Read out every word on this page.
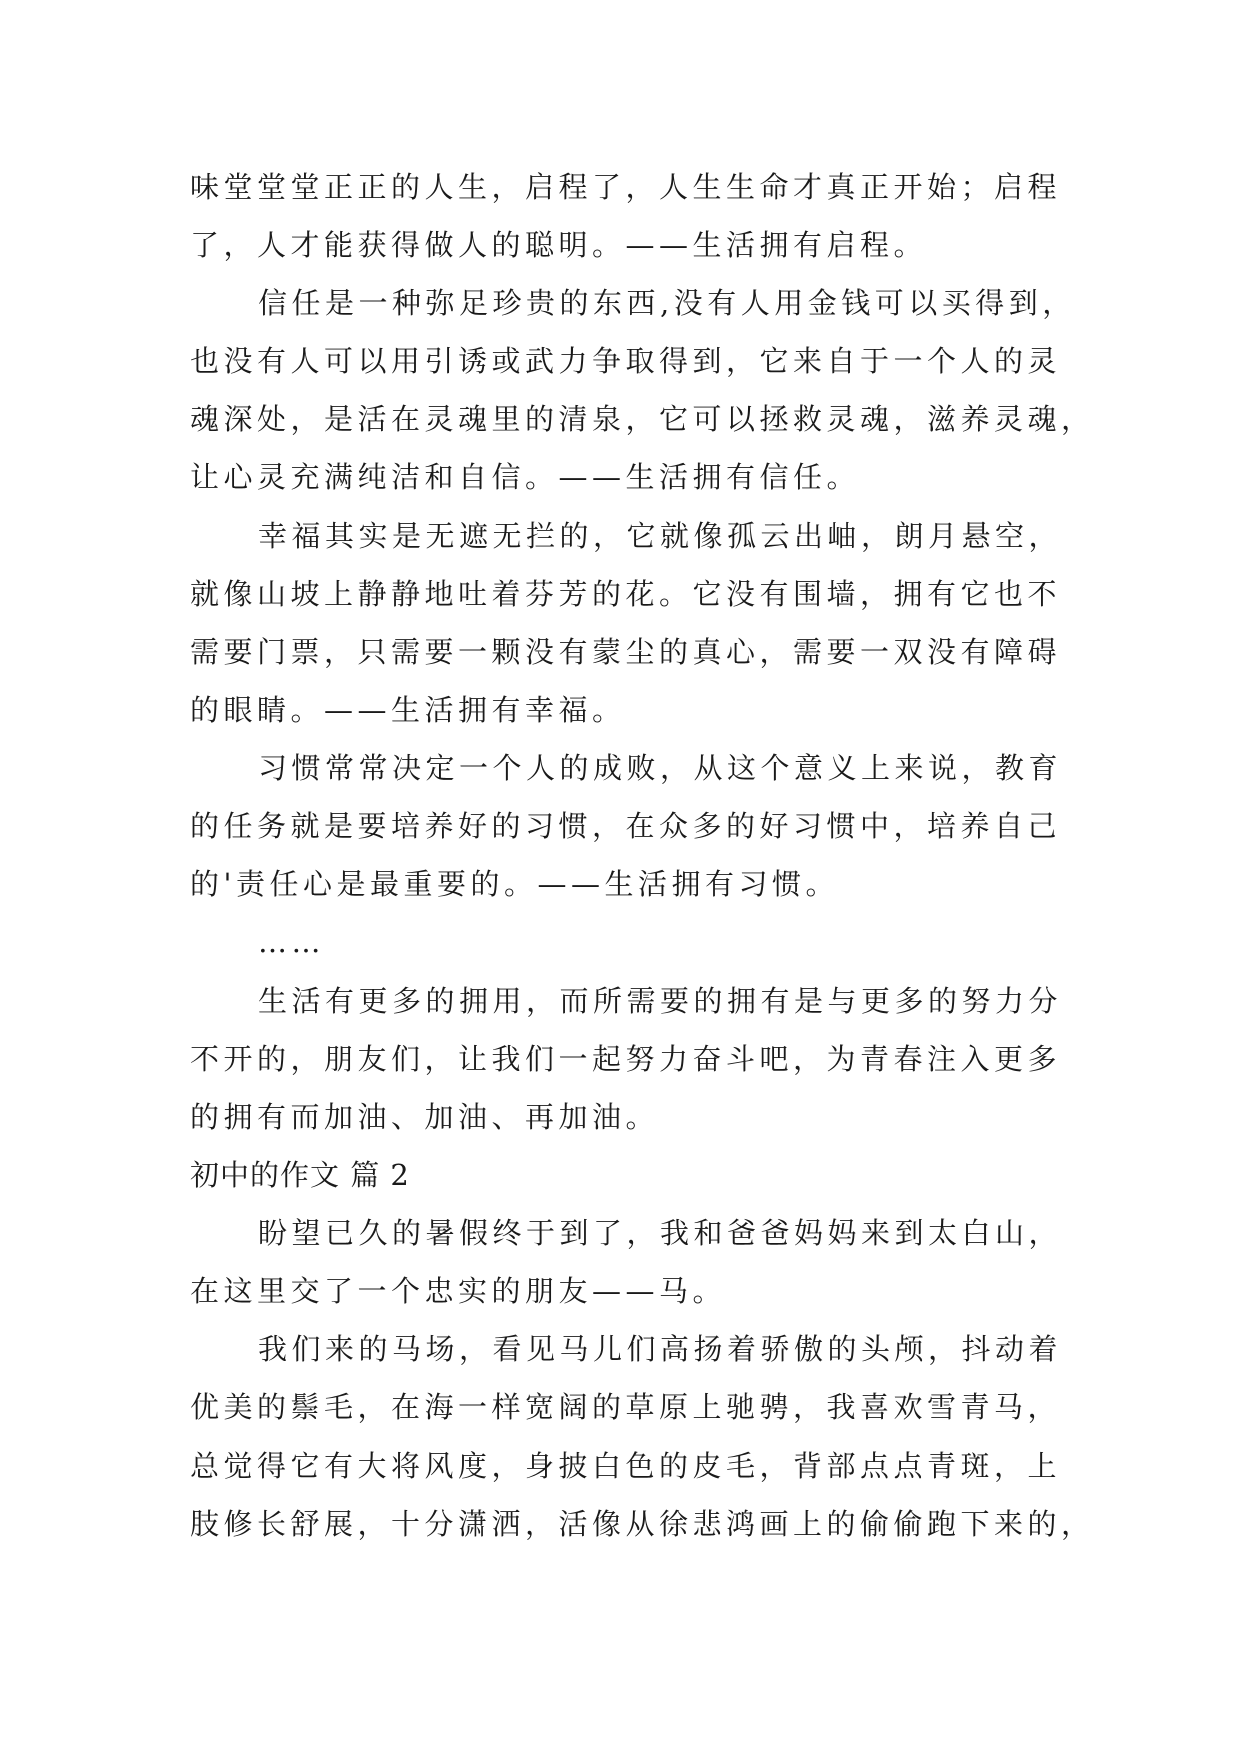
味堂堂堂正正的人生，启程了，人生生命才真正开始；启程
了，人才能获得做人的聪明。——生活拥有启程。
信任是一种弥足珍贵的东西,没有人用金钱可以买得到，
也没有人可以用引诱或武力争取得到，它来自于一个人的灵
魂深处，是活在灵魂里的清泉，它可以拯救灵魂，滋养灵魂，
让心灵充满纯洁和自信。——生活拥有信任。
幸福其实是无遮无拦的，它就像孤云出岫，朗月悬空，
就像山坡上静静地吐着芬芳的花。它没有围墙，拥有它也不
需要门票，只需要一颗没有蒙尘的真心，需要一双没有障碍
的眼睛。——生活拥有幸福。
习惯常常决定一个人的成败，从这个意义上来说，教育
的任务就是要培养好的习惯，在众多的好习惯中，培养自己
的'责任心是最重要的。——生活拥有习惯。
……
生活有更多的拥用，而所需要的拥有是与更多的努力分
不开的，朋友们，让我们一起努力奋斗吧，为青春注入更多
的拥有而加油、加油、再加油。
初中的作文 篇 2
盼望已久的暑假终于到了，我和爸爸妈妈来到太白山，
在这里交了一个忠实的朋友——马。
我们来的马场，看见马儿们高扬着骄傲的头颅，抖动着
优美的鬃毛，在海一样宽阔的草原上驰骋，我喜欢雪青马，
总觉得它有大将风度，身披白色的皮毛，背部点点青斑，上
肢修长舒展，十分潇洒，活像从徐悲鸿画上的偷偷跑下来的，
